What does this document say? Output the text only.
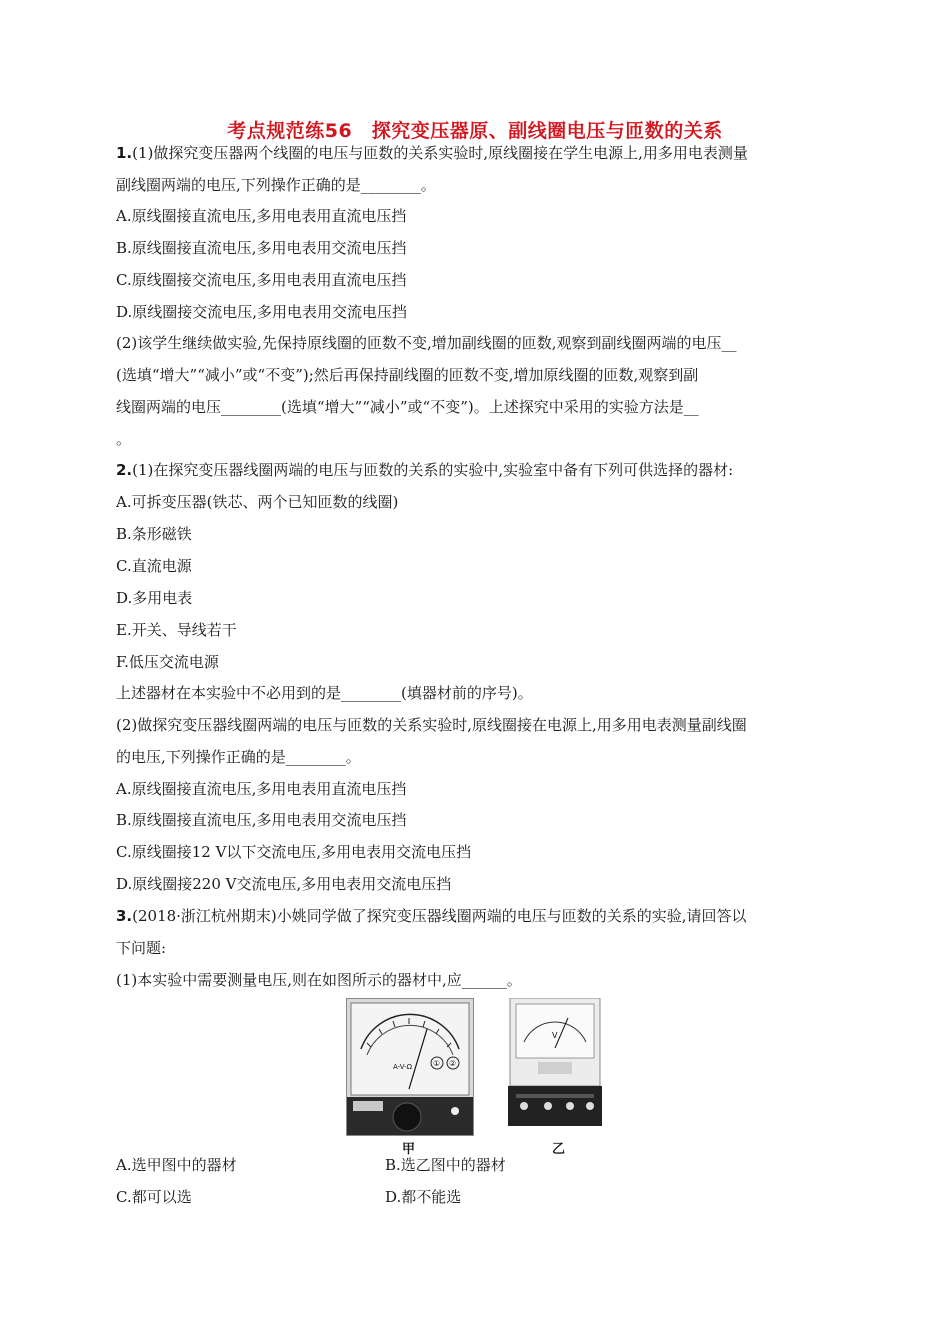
考点规范练56　探究变压器原、副线圈电压与匝数的关系
1.(1)做探究变压器两个线圈的电压与匝数的关系实验时,原线圈接在学生电源上,用多用电表测量
副线圈两端的电压,下列操作正确的是________。
A.原线圈接直流电压,多用电表用直流电压挡
B.原线圈接直流电压,多用电表用交流电压挡
C.原线圈接交流电压,多用电表用直流电压挡
D.原线圈接交流电压,多用电表用交流电压挡
(2)该学生继续做实验,先保持原线圈的匝数不变,增加副线圈的匝数,观察到副线圈两端的电压__
(选填“增大”“减小”或“不变”);然后再保持副线圈的匝数不变,增加原线圈的匝数,观察到副
线圈两端的电压________(选填“增大”“减小”或“不变”)。上述探究中采用的实验方法是__
。
2.(1)在探究变压器线圈两端的电压与匝数的关系的实验中,实验室中备有下列可供选择的器材:
A.可拆变压器(铁芯、两个已知匝数的线圈)
B.条形磁铁
C.直流电源
D.多用电表
E.开关、导线若干
F.低压交流电源
上述器材在本实验中不必用到的是________(填器材前的序号)。
(2)做探究变压器线圈两端的电压与匝数的关系实验时,原线圈接在电源上,用多用电表测量副线圈
的电压,下列操作正确的是________。
A.原线圈接直流电压,多用电表用直流电压挡
B.原线圈接直流电压,多用电表用交流电压挡
C.原线圈接12 V以下交流电压,多用电表用交流电压挡
D.原线圈接220 V交流电压,多用电表用交流电压挡
3.(2018·浙江杭州期末)小姚同学做了探究变压器线圈两端的电压与匝数的关系的实验,请回答以
下问题:
(1)本实验中需要测量电压,则在如图所示的器材中,应______。
A-V-Ω	① ②
甲
V
乙
A.选甲图中的器材	B.选乙图中的器材
C.都可以选	D.都不能选
